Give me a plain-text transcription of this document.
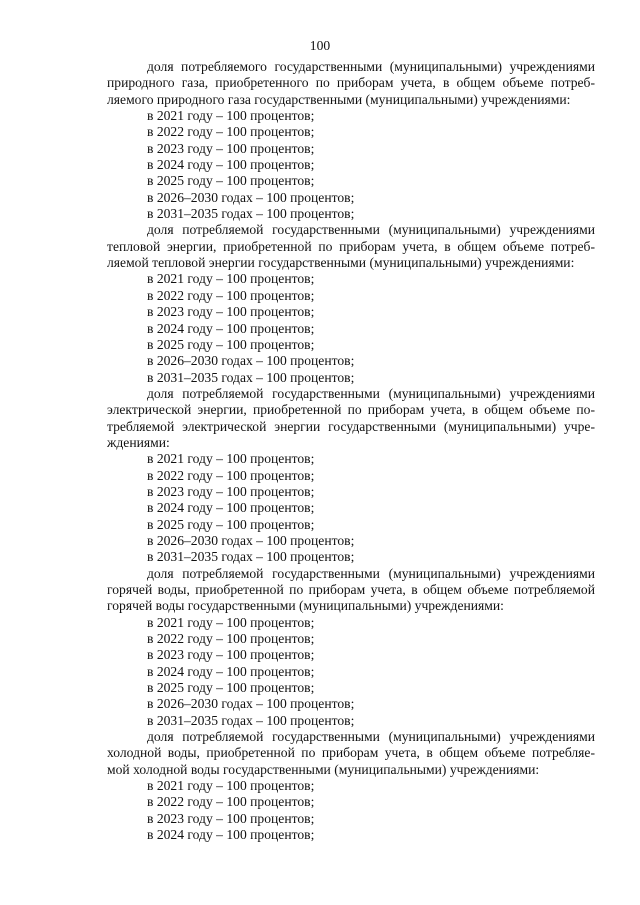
100
доля потребляемого государственными (муниципальными) учреждениями
природного газа, приобретенного по приборам учета, в общем объеме потреб-
ляемого природного газа государственными (муниципальными) учреждениями:
в 2021 году – 100 процентов;
в 2022 году – 100 процентов;
в 2023 году – 100 процентов;
в 2024 году – 100 процентов;
в 2025 году – 100 процентов;
в 2026–2030 годах – 100 процентов;
в 2031–2035 годах – 100 процентов;
доля потребляемой государственными (муниципальными) учреждениями
тепловой энергии, приобретенной по приборам учета, в общем объеме потреб-
ляемой тепловой энергии государственными (муниципальными) учреждениями:
в 2021 году – 100 процентов;
в 2022 году – 100 процентов;
в 2023 году – 100 процентов;
в 2024 году – 100 процентов;
в 2025 году – 100 процентов;
в 2026–2030 годах – 100 процентов;
в 2031–2035 годах – 100 процентов;
доля потребляемой государственными (муниципальными) учреждениями
электрической энергии, приобретенной по приборам учета, в общем объеме по-
требляемой электрической энергии государственными (муниципальными) учре-
ждениями:
в 2021 году – 100 процентов;
в 2022 году – 100 процентов;
в 2023 году – 100 процентов;
в 2024 году – 100 процентов;
в 2025 году – 100 процентов;
в 2026–2030 годах – 100 процентов;
в 2031–2035 годах – 100 процентов;
доля потребляемой государственными (муниципальными) учреждениями
горячей воды, приобретенной по приборам учета, в общем объеме потребляемой
горячей воды государственными (муниципальными) учреждениями:
в 2021 году – 100 процентов;
в 2022 году – 100 процентов;
в 2023 году – 100 процентов;
в 2024 году – 100 процентов;
в 2025 году – 100 процентов;
в 2026–2030 годах – 100 процентов;
в 2031–2035 годах – 100 процентов;
доля потребляемой государственными (муниципальными) учреждениями
холодной воды, приобретенной по приборам учета, в общем объеме потребляе-
мой холодной воды государственными (муниципальными) учреждениями:
в 2021 году – 100 процентов;
в 2022 году – 100 процентов;
в 2023 году – 100 процентов;
в 2024 году – 100 процентов;
